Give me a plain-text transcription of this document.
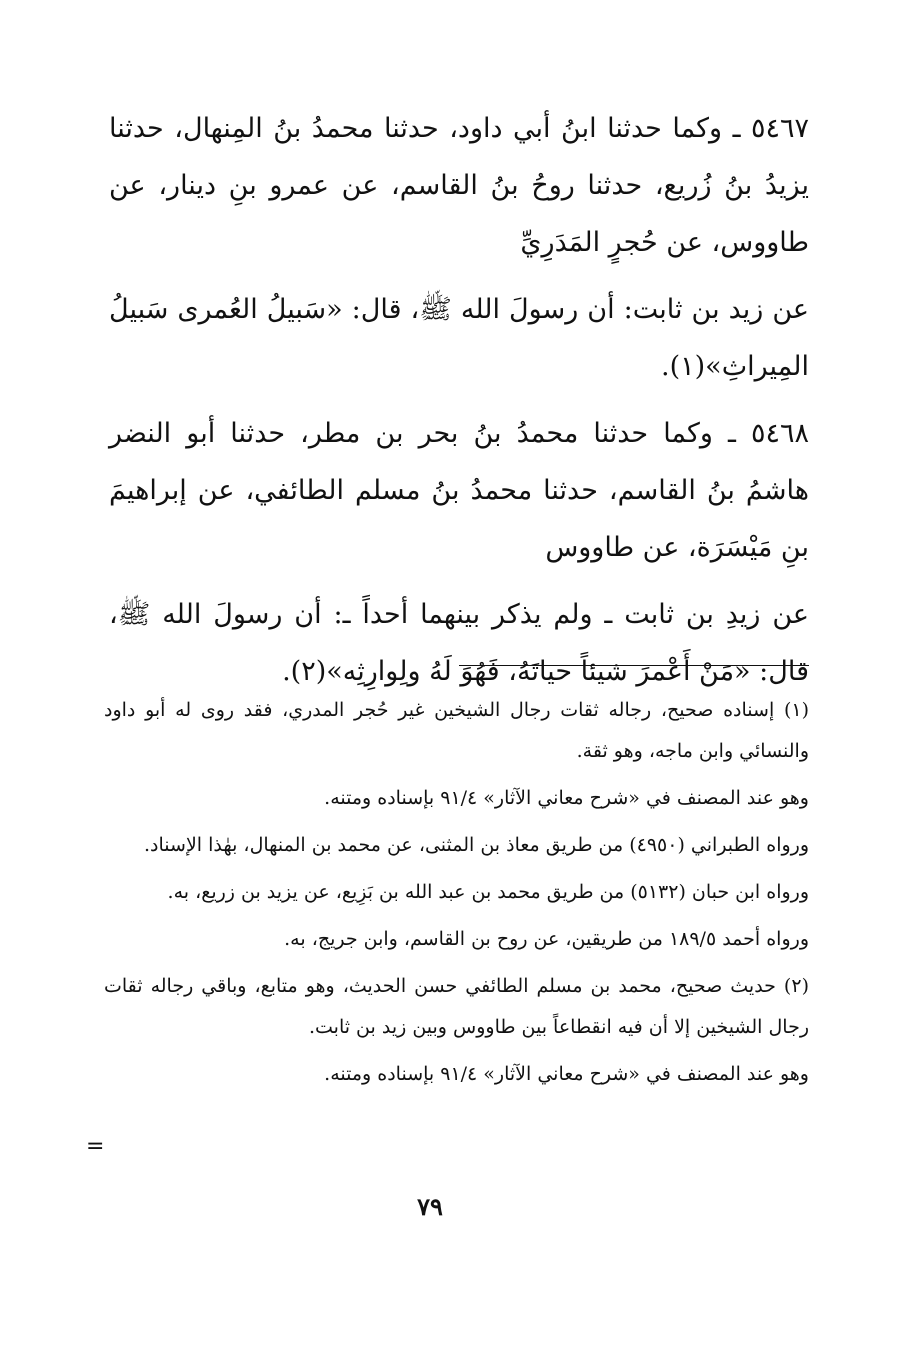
٥٤٦٧ ـ وكما حدثنا ابنُ أبي داود، حدثنا محمدُ بنُ المِنهال، حدثنا يزيدُ بنُ زُريع، حدثنا روحُ بنُ القاسم، عن عمرو بنِ دينار، عن طاووس، عن حُجرٍ المَدَرِيِّ

عن زيد بن ثابت: أن رسولَ الله ﷺ، قال: «سَبيلُ العُمرى سَبيلُ المِيراثِ»(١).

٥٤٦٨ ـ وكما حدثنا محمدُ بنُ بحر بن مطر، حدثنا أبو النضر هاشمُ بنُ القاسم، حدثنا محمدُ بنُ مسلم الطائفي، عن إبراهيمَ بنِ مَيْسَرَة، عن طاووس

عن زيدِ بن ثابت ـ ولم يذكر بينهما أحداً ـ: أن رسولَ الله ﷺ، قال: «مَنْ أَعْمرَ شيئاً حياتَهُ، فَهُوَ لَهُ ولِوارِثِه»(٢).

(١) إسناده صحيح، رجاله ثقات رجال الشيخين غير حُجر المدري، فقد روى له أبو داود والنسائي وابن ماجه، وهو ثقة.

وهو عند المصنف في «شرح معاني الآثار» ٩١/٤ بإسناده ومتنه.

ورواه الطبراني (٤٩٥٠) من طريق معاذ بن المثنى، عن محمد بن المنهال، بهٰذا الإسناد.

ورواه ابن حبان (٥١٣٢) من طريق محمد بن عبد الله بن بَزِيع، عن يزيد بن زريع، به.

ورواه أحمد ١٨٩/٥ من طريقين، عن روح بن القاسم، وابن جريج، به.

(٢) حديث صحيح، محمد بن مسلم الطائفي حسن الحديث، وهو متابع، وباقي رجاله ثقات رجال الشيخين إلا أن فيه انقطاعاً بين طاووس وبين زيد بن ثابت.

وهو عند المصنف في «شرح معاني الآثار» ٩١/٤ بإسناده ومتنه.

=
٧٩
